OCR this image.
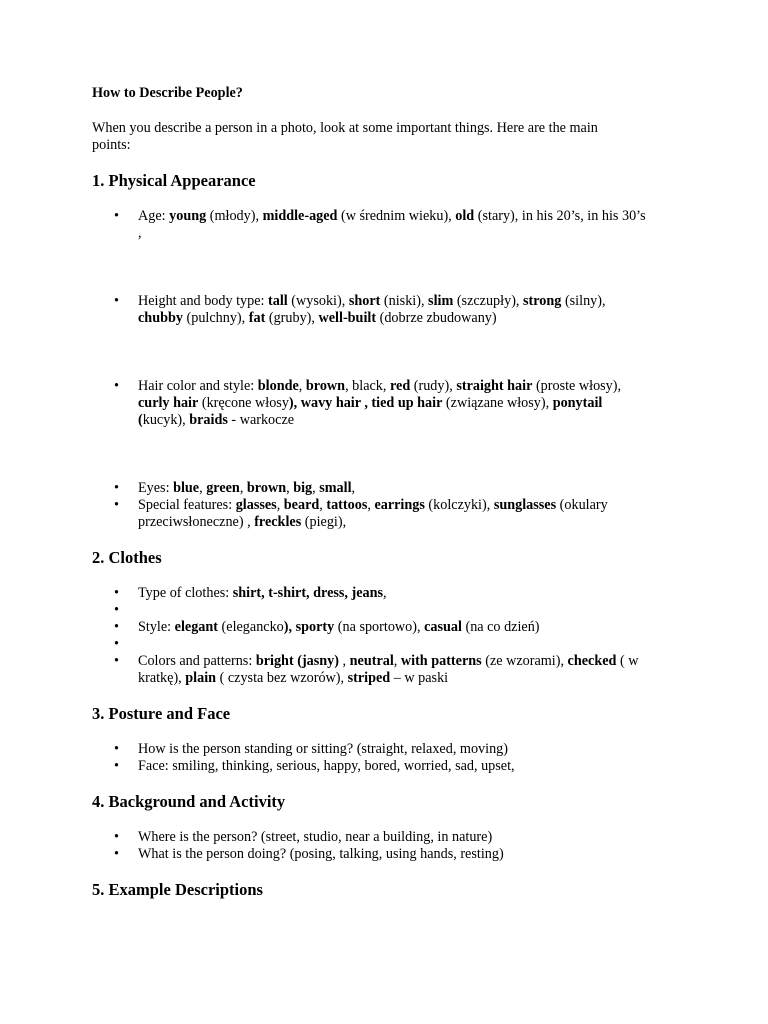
How to Describe People?

When you describe a person in a photo, look at some important things. Here are the main points:

1. Physical Appearance
• Age: young (młody), middle-aged (w średnim wieku), old (stary), in his 20’s, in his 30’s ,
• Height and body type: tall (wysoki), short (niski), slim (szczupły), strong (silny), chubby (pulchny), fat (gruby), well-built (dobrze zbudowany)
• Hair color and style: blonde, brown, black, red (rudy), straight hair (proste włosy), curly hair (kręcone włosy), wavy hair , tied up hair (związane włosy), ponytail (kucyk), braids - warkocze
• Eyes: blue, green, brown, big, small,
• Special features: glasses, beard, tattoos, earrings (kolczyki), sunglasses (okulary przeciwsłoneczne) , freckles (piegi),
2. Clothes
• Type of clothes: shirt, t-shirt, dress, jeans,
•
• Style: elegant (elegancko), sporty (na sportowo), casual (na co dzień)
•
• Colors and patterns: bright (jasny) , neutral, with patterns (ze wzorami), checked ( w kratkę), plain ( czysta bez wzorów), striped – w paski
3. Posture and Face
• How is the person standing or sitting? (straight, relaxed, moving)
• Face: smiling, thinking, serious, happy, bored, worried, sad, upset,
4. Background and Activity
• Where is the person? (street, studio, near a building, in nature)
• What is the person doing? (posing, talking, using hands, resting)
5. Example Descriptions
